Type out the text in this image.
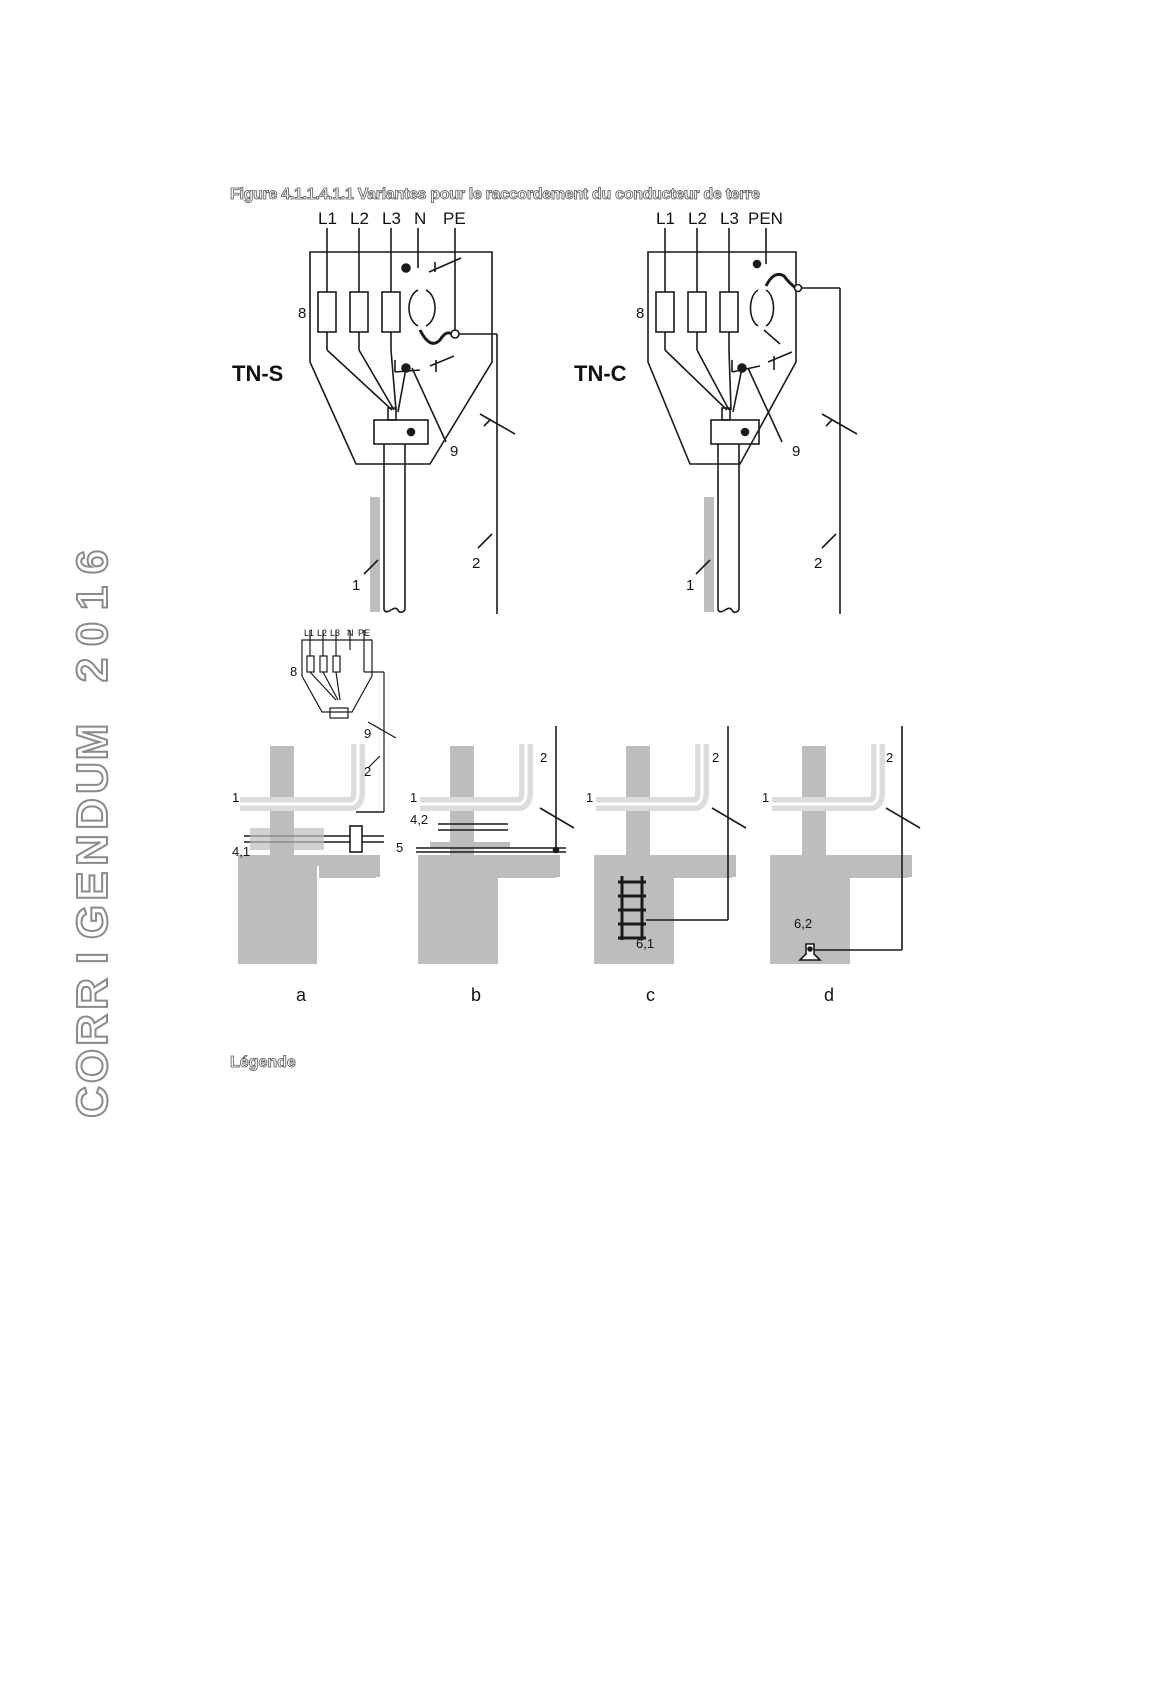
C
O
R
R
I
G
E
N
D
U
M
2
0
1
6
Figure 4.1.1.4.1.1 Variantes pour le raccordement du conducteur de terre
L1 L2 L3 N PE
TN-S
8
9
1
2
L1 L2 L3 PEN
TN-C
8
9
1
2
L1 L2 L3 N PE
8
9
2
1
4,1
1
2
4,2
5
1
2
6,1
1
2
6,2
a	b	c	d
Légende
